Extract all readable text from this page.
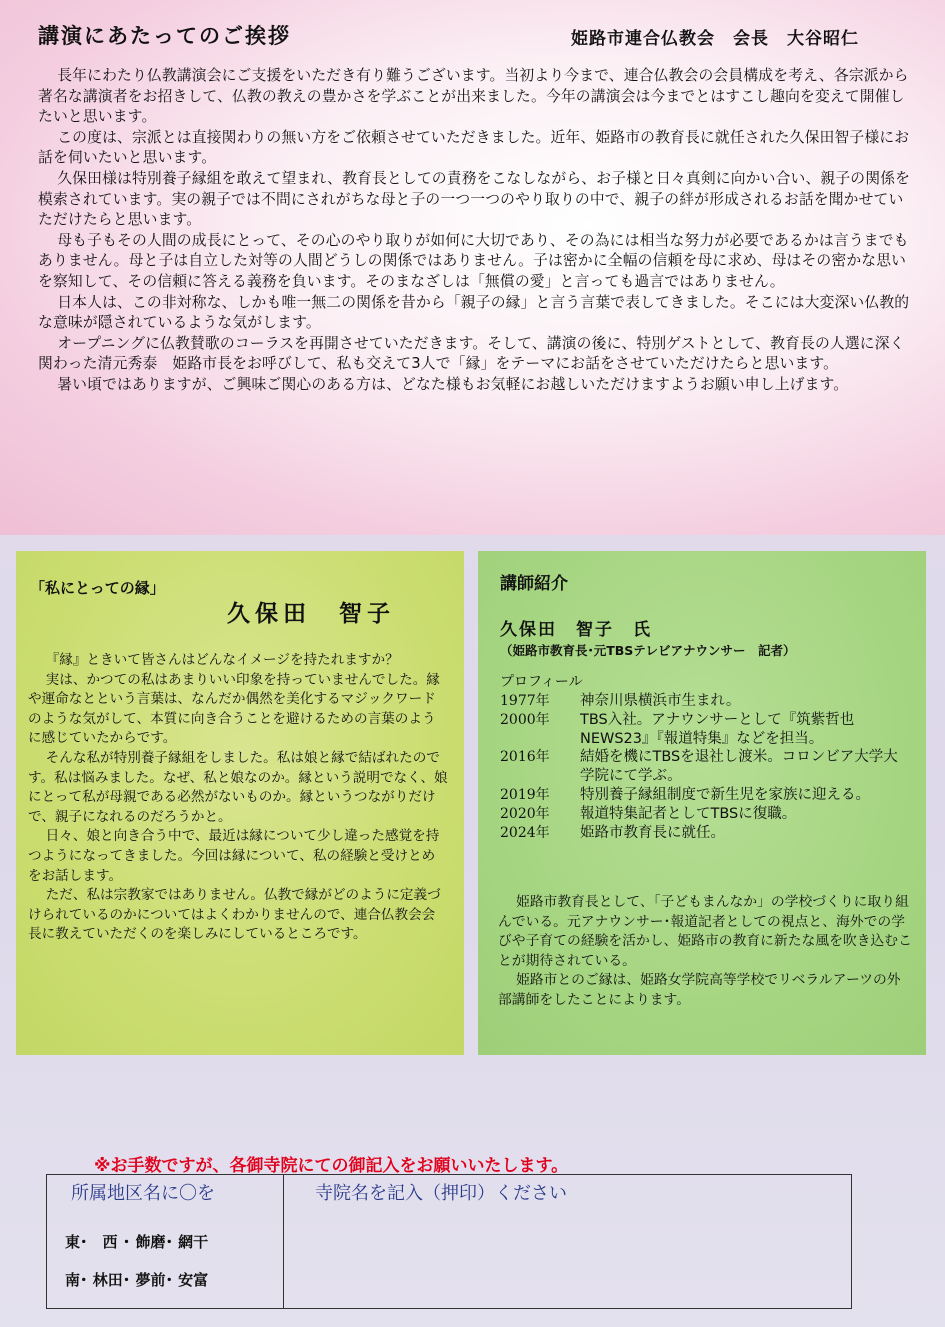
講演にあたってのご挨拶	姫路市連合仏教会　会長　大谷昭仁

長年にわたり仏教講演会にご支援をいただき有り難うございます。当初より今まで、連合仏教会の会員構成を考え、各宗派から著名な講演者をお招きして、仏教の教えの豊かさを学ぶことが出来ました。今年の講演会は今までとはすこし趣向を変えて開催したいと思います。

この度は、宗派とは直接関わりの無い方をご依頼させていただきました。近年、姫路市の教育長に就任された久保田智子様にお話を伺いたいと思います。

久保田様は特別養子縁組を敢えて望まれ、教育長としての責務をこなしながら、お子様と日々真剣に向かい合い、親子の関係を模索されています。実の親子では不問にされがちな母と子の一つ一つのやり取りの中で、親子の絆が形成されるお話を聞かせていただけたらと思います。

母も子もその人間の成長にとって、その心のやり取りが如何に大切であり、その為には相当な努力が必要であるかは言うまでもありません。母と子は自立した対等の人間どうしの関係ではありません。子は密かに全幅の信頼を母に求め、母はその密かな思いを察知して、その信頼に答える義務を負います。そのまなざしは「無償の愛」と言っても過言ではありません。

日本人は、この非対称な、しかも唯一無二の関係を昔から「親子の縁」と言う言葉で表してきました。そこには大変深い仏教的な意味が隠されているような気がします。

オープニングに仏教賛歌のコーラスを再開させていただきます。そして、講演の後に、特別ゲストとして、教育長の人選に深く関わった清元秀泰　姫路市長をお呼びして、私も交えて3人で「縁」をテーマにお話をさせていただけたらと思います。

暑い頃ではありますが、ご興味ご関心のある方は、どなた様もお気軽にお越しいただけますようお願い申し上げます。

「私にとっての縁」
久保田　智子

『縁』ときいて皆さんはどんなイメージを持たれますか？

実は、かつての私はあまりいい印象を持っていませんでした。縁や運命なとという言葉は、なんだか偶然を美化するマジックワードのような気がして、本質に向き合うことを避けるための言葉のように感じていたからです。

そんな私が特別養子縁組をしました。私は娘と縁で結ばれたのです。私は悩みました。なぜ、私と娘なのか。縁という説明でなく、娘にとって私が母親である必然がないものか。縁というつながりだけで、親子になれるのだろうかと。

日々、娘と向き合う中で、最近は縁について少し違った感覚を持つようになってきました。今回は縁について、私の経験と受けとめをお話します。

ただ、私は宗教家ではありません。仏教で縁がどのように定義づけられているのかについてはよくわかりませんので、連合仏教会会長に教えていただくのを楽しみにしているところです。

講師紹介
久保田　智子　氏
（姫路市教育長･元TBSテレビアナウンサー　記者）
プロフィール
1977年	神奈川県横浜市生まれ。
2000年	TBS入社。アナウンサーとして『筑紫哲也NEWS23』『報道特集』などを担当。
2016年	結婚を機にTBSを退社し渡米。コロンビア大学大学院にて学ぶ。
2019年	特別養子縁組制度で新生児を家族に迎える。
2020年	報道特集記者としてTBSに復職。
2024年	姫路市教育長に就任。

姫路市教育長として、「子どもまんなか」の学校づくりに取り組んでいる。元アナウンサー･報道記者としての視点と、海外での学びや子育ての経験を活かし、姫路市の教育に新たな風を吹き込むことが期待されている。

姫路市とのご縁は、姫路女学院高等学校でリベラルアーツの外部講師をしたことによります。

※お手数ですが、各御寺院にての御記入をお願いいたします。
所属地区名に〇を
東･　西 ･ 飾磨･ 網干
南･ 林田･ 夢前･ 安富
寺院名を記入（押印）ください
